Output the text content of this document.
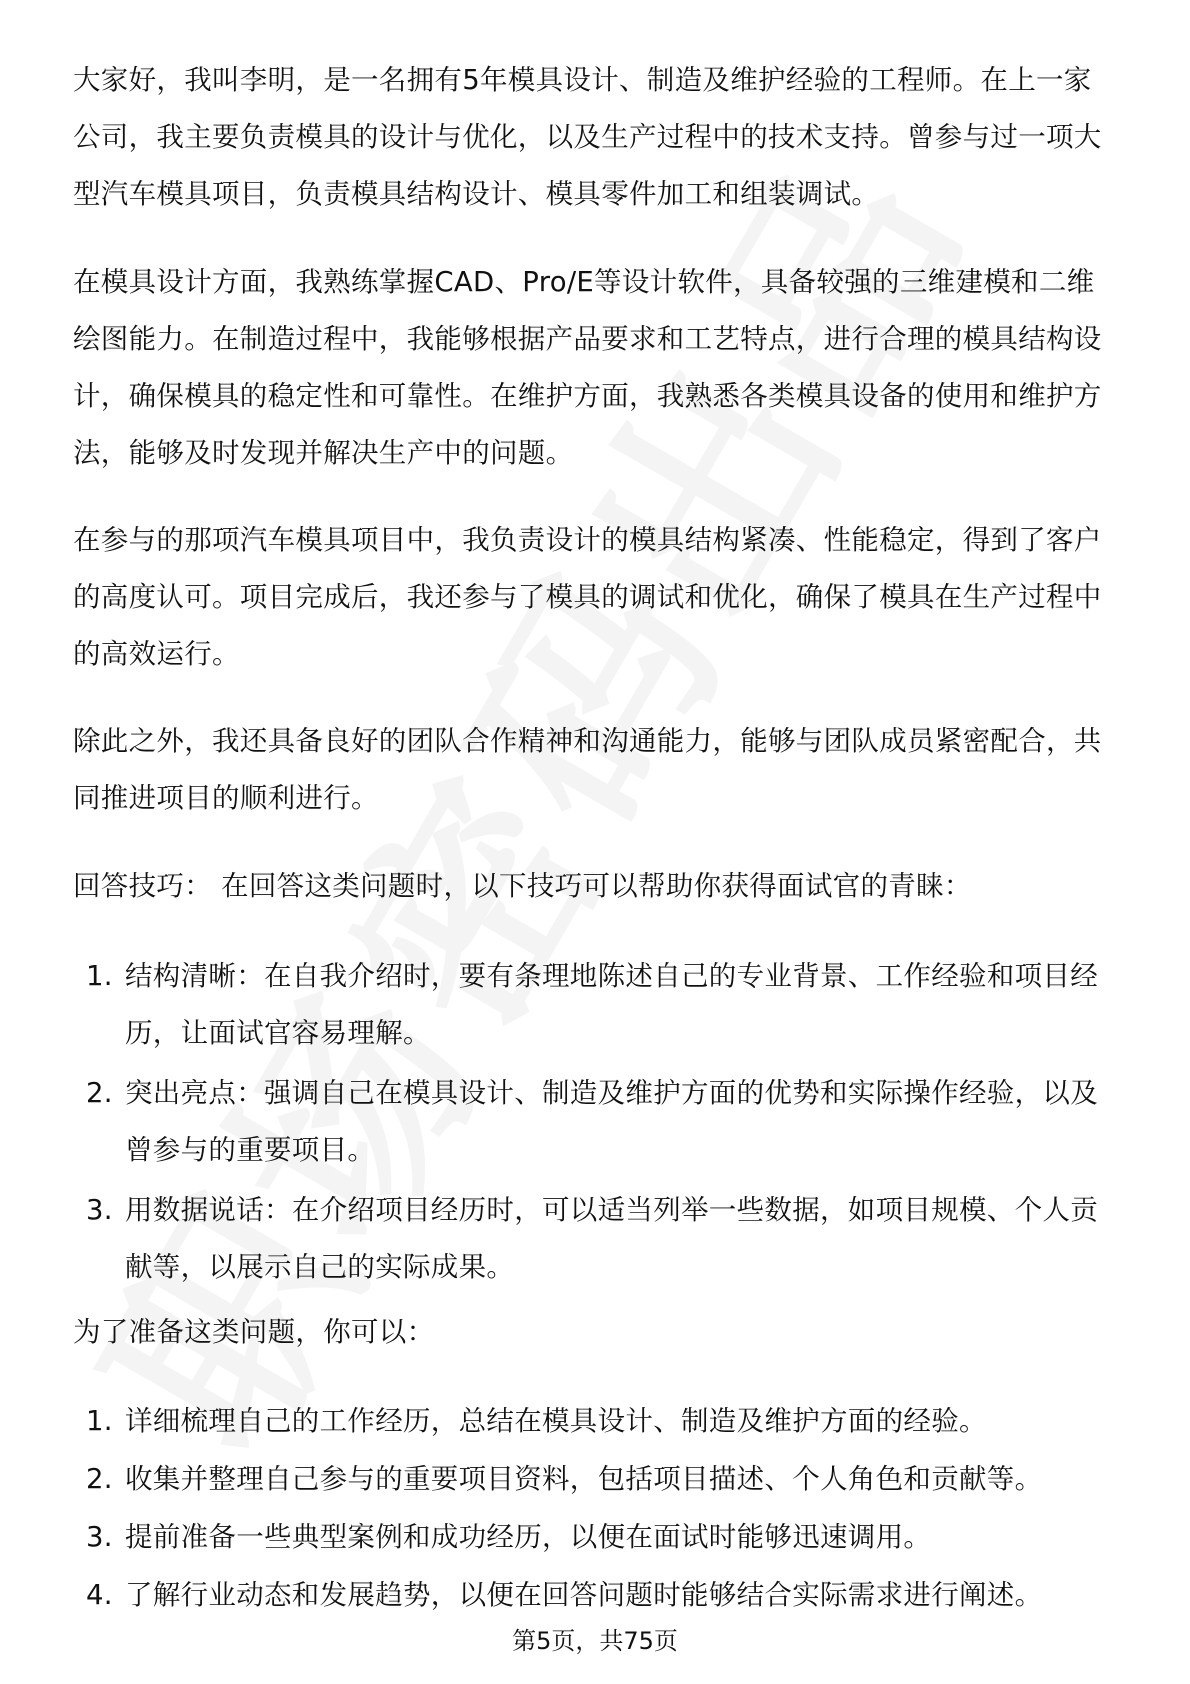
大家好，我叫李明，是一名拥有5年模具设计、制造及维护经验的工程师。在上一家公司，我主要负责模具的设计与优化，以及生产过程中的技术支持。曾参与过一项大型汽车模具项目，负责模具结构设计、模具零件加工和组装调试。

在模具设计方面，我熟练掌握CAD、Pro/E等设计软件，具备较强的三维建模和二维绘图能力。在制造过程中，我能够根据产品要求和工艺特点，进行合理的模具结构设计，确保模具的稳定性和可靠性。在维护方面，我熟悉各类模具设备的使用和维护方法，能够及时发现并解决生产中的问题。

在参与的那项汽车模具项目中，我负责设计的模具结构紧凑、性能稳定，得到了客户的高度认可。项目完成后，我还参与了模具的调试和优化，确保了模具在生产过程中的高效运行。

除此之外，我还具备良好的团队合作精神和沟通能力，能够与团队成员紧密配合，共同推进项目的顺利进行。

回答技巧： 在回答这类问题时，以下技巧可以帮助你获得面试官的青睐：

1. 结构清晰：在自我介绍时，要有条理地陈述自己的专业背景、工作经验和项目经历，让面试官容易理解。
2. 突出亮点：强调自己在模具设计、制造及维护方面的优势和实际操作经验，以及曾参与的重要项目。
3. 用数据说话：在介绍项目经历时，可以适当列举一些数据，如项目规模、个人贡献等，以展示自己的实际成果。

为了准备这类问题，你可以：

1. 详细梳理自己的工作经历，总结在模具设计、制造及维护方面的经验。
2. 收集并整理自己参与的重要项目资料，包括项目描述、个人角色和贡献等。
3. 提前准备一些典型案例和成功经历，以便在面试时能够迅速调用。
4. 了解行业动态和发展趋势，以便在回答问题时能够结合实际需求进行阐述。
第5页，共75页
